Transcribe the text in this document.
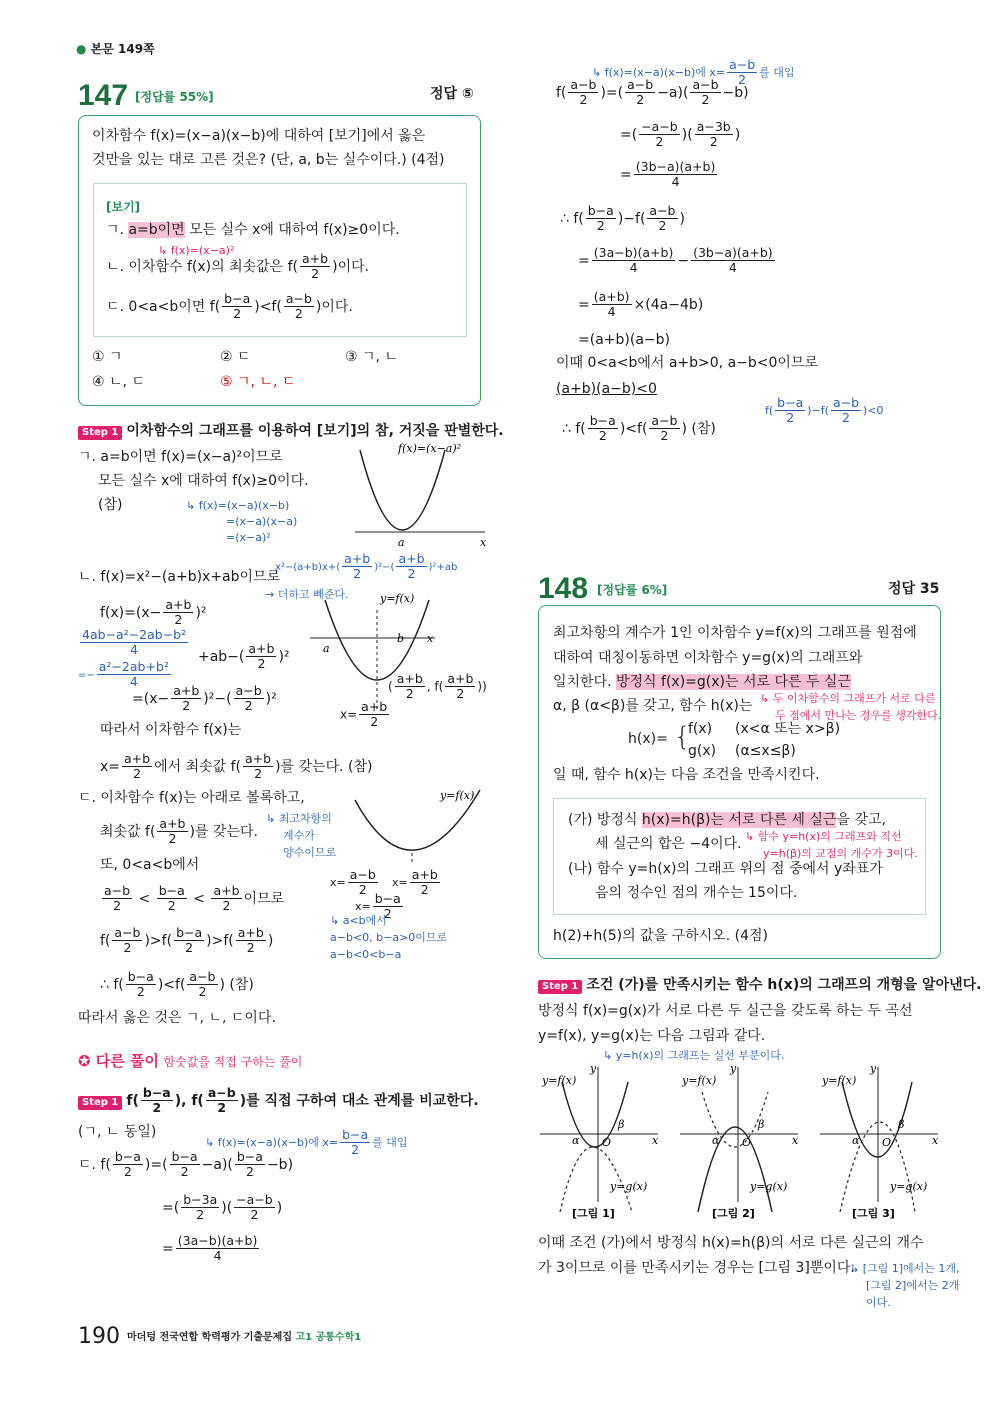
● 본문 149쪽
147 [정답률 55%]	정답 ⑤
이차함수 f(x)=(x−a)(x−b)에 대하여 [보기]에서 옳은
것만을 있는 대로 고른 것은? (단, a, b는 실수이다.) (4점)
[보기]
ㄱ. a=b이면 모든 실수 x에 대하여 f(x)≥0이다.
↳ f(x)=(x−a)²
ㄴ. 이차함수 f(x)의 최솟값은 $f( \frac{a+b}{2}$ )이다.
ㄷ. 0<a<b이면 $f( \frac{b-a}{2} )<f( \frac{a-b}{2}$ )이다.
① ㄱ	② ㄷ	③ ㄱ, ㄴ
④ ㄴ, ㄷ	⑤ ㄱ, ㄴ, ㄷ
Step 1 이차함수의 그래프를 이용하여 [보기]의 참, 거짓을 판별한다.
ㄱ. a=b이면 f(x)=(x−a)²이므로
모든 실수 x에 대하여 f(x)≥0이다.
(참)	↳ f(x)=(x−a)(x−b)
=(x−a)(x−a)
=(x−a)²
f(x)=(x−a)²
a	x
$x^2-(a+b)x+( \frac{a+b}{2} )^2-( \frac{a+b}{2} )^2+ab$
ㄴ. f(x)=x²−(a+b)x+ab이므로
→ 더하고 빼준다.
$f(x)=(x- \frac{a+b}{2} )^2$
$\frac{\text{4ab−a²−2ab−b²}}{4} +ab-( \frac{a+b}{2} )^2$
=− $\frac{\text{a²−2ab+b²}}{4}$
$=(x- \frac{a+b}{2} )^2-( \frac{a-b}{2} )^2$
따라서 이차함수 f(x)는
$x= \frac{a+b}{2}$ 에서 최솟값 $f( \frac{a+b}{2}$ )를 갖는다. (참)
y=f(x)
a
b x
( $\frac{a+b}{2}$ , $f( \frac{a+b}{2}$ ))
$x= \frac{a+b}{2}$
ㄷ. 이차함수 f(x)는 아래로 볼록하고,
최솟값 $f( \frac{a+b}{2}$ )를 갖는다.
↳ 최고차항의
계수가
양수이므로
또, 0<a<b에서
$\frac{a-b}{2} < \frac{b-a}{2} < \frac{a+b}{2}$ 이므로
$f( \frac{a-b}{2} )>f( \frac{b-a}{2} )>f( \frac{a+b}{2}$ )
↳ a<b에서
a−b<0, b−a>0이므로
a−b<0<b−a
∴ $f( \frac{b-a}{2} )<f( \frac{a-b}{2}$ ) (참)
y=f(x)
$x= \frac{a-b}{2}$
$x= \frac{b-a}{2}$
$x= \frac{a+b}{2}$
따라서 옳은 것은 ㄱ, ㄴ, ㄷ이다.
✪ 다른 풀이 함숫값을 직접 구하는 풀이
Step 1 $f( \frac{b-a}{2}$ ), $f( \frac{a-b}{2}$ )를 직접 구하여 대소 관계를 비교한다.
(ㄱ, ㄴ 동일)
↳ f(x)=(x−a)(x−b)에 $x= \frac{b-a}{2}$ 를 대입
ㄷ. $f( \frac{b-a}{2}$ )=( $\frac{b-a}{2} -a)( \frac{b-a}{2} -b)$
=( $\frac{b-3a}{2}$ )( $\frac{-a-b}{2}$ )
= $\frac{(3a-b)(a+b)}{4}$
↳ f(x)=(x−a)(x−b)에 $x= \frac{a-b}{2}$ 를 대입
$f( \frac{a-b}{2}$ )=( $\frac{a-b}{2} -a)( \frac{a-b}{2} -b)$
=( $\frac{-a-b}{2}$ )( $\frac{a-3b}{2}$ )
= $\frac{(3b-a)(a+b)}{4}$
∴ $f( \frac{b-a}{2} )-f( \frac{a-b}{2}$ )
= $\frac{(3a-b)(a+b)}{4} - \frac{(3b-a)(a+b)}{4}$
= $\frac{(a+b)}{4} \times(4a-4b)$
=(a+b)(a−b)
이때 0<a<b에서 a+b>0, a−b<0이므로
(a+b)(a−b)<0
$f( \frac{b-a}{2} )-f( \frac{a-b}{2} )<0$
∴ $f( \frac{b-a}{2} )<f( \frac{a-b}{2}$ ) (참)
148 [정답률 6%]	정답 35
최고차항의 계수가 1인 이차함수 y=f(x)의 그래프를 원점에
대하여 대칭이동하면 이차함수 y=g(x)의 그래프와
일치한다. 방정식 f(x)=g(x)는 서로 다른 두 실근
α, β (α<β)를 갖고, 함수 h(x)는 ↳ 두 이차함수의 그래프가 서로 다른
두 점에서 만나는 경우를 생각한다.
h(x)= {
f(x) (x<α 또는 x>β)
g(x) (α≤x≤β)
일 때, 함수 h(x)는 다음 조건을 만족시킨다.
(가) 방정식 h(x)=h(β)는 서로 다른 세 실근을 갖고,
세 실근의 합은 −4이다. ↳ 함수 y=h(x)의 그래프와 직선
y=h(β)의 교점의 개수가 3이다.
(나) 함수 y=h(x)의 그래프 위의 점 중에서 y좌표가
음의 정수인 점의 개수는 15이다.
h(2)+h(5)의 값을 구하시오. (4점)
Step 1 조건 (가)를 만족시키는 함수 h(x)의 그래프의 개형을 알아낸다.
방정식 f(x)=g(x)가 서로 다른 두 실근을 갖도록 하는 두 곡선
y=f(x), y=g(x)는 다음 그림과 같다.
↳ y=h(x)의 그래프는 실선 부분이다.
y=f(x)
y=g(x)
y
x
O
α
β
[그림 1]
y=f(x)
y=g(x)
y
x
O
α
β
[그림 2]
y=f(x)
y=g(x)
y
x
O
α
β
[그림 3]
이때 조건 (가)에서 방정식 h(x)=h(β)의 서로 다른 실근의 개수
가 3이므로 이를 만족시키는 경우는 [그림 3]뿐이다.
↳ [그림 1]에서는 1개,
[그림 2]에서는 2개
이다.
190 마더텅 전국연합 학력평가 기출문제집 고1 공통수학1
